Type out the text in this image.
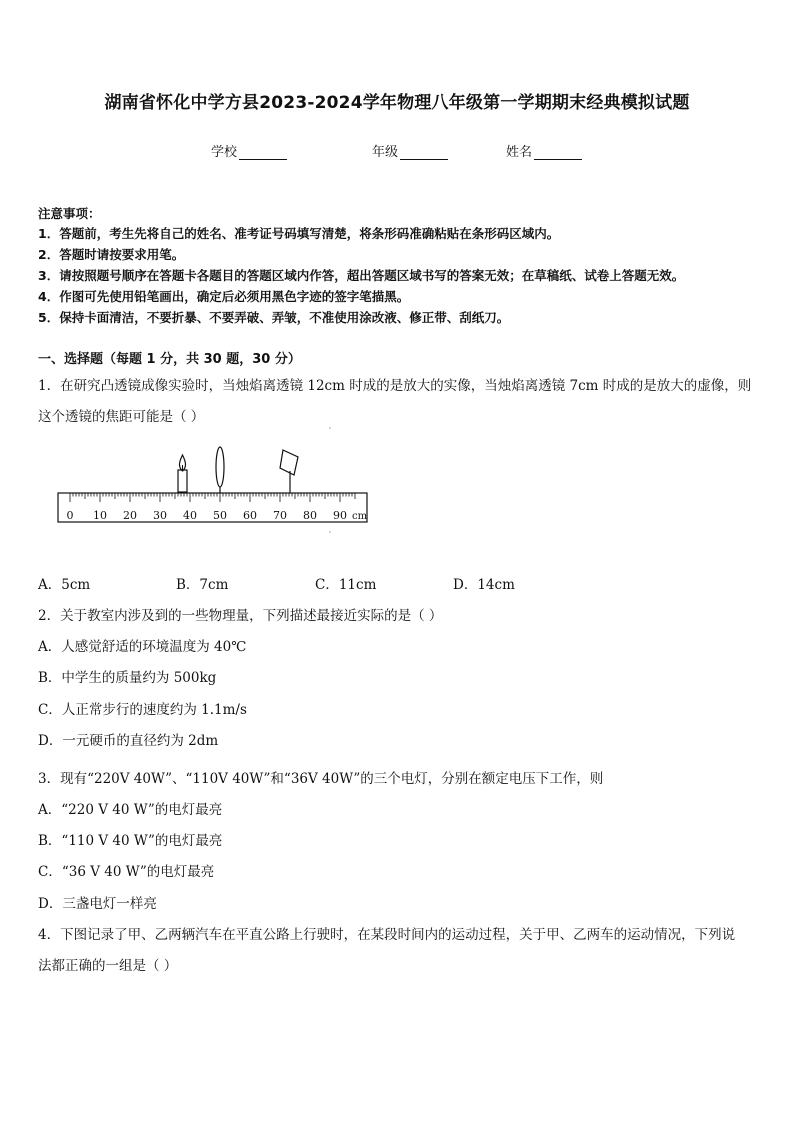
湖南省怀化中学方县2023-2024学年物理八年级第一学期期末经典模拟试题
学校	年级	姓名
注意事项：
1．答题前，考生先将自己的姓名、准考证号码填写清楚，将条形码准确粘贴在条形码区域内。
2．答题时请按要求用笔。
3．请按照题号顺序在答题卡各题目的答题区域内作答，超出答题区域书写的答案无效；在草稿纸、试卷上答题无效。
4．作图可先使用铅笔画出，确定后必须用黑色字迹的签字笔描黑。
5．保持卡面清洁，不要折暴、不要弄破、弄皱，不准使用涂改液、修正带、刮纸刀。
一、选择题（每题 1 分，共 30 题，30 分）
1．在研究凸透镜成像实验时，当烛焰离透镜 12cm 时成的是放大的实像，当烛焰离透镜 7cm 时成的是放大的虚像，则
这个透镜的焦距可能是（ ）
0 10 20 30 40 50 60 70 80 90 cm
A．5cm	B．7cm	C．11cm	D．14cm
2．关于教室内涉及到的一些物理量，下列描述最接近实际的是（ ）
A．人感觉舒适的环境温度为 40℃
B．中学生的质量约为 500kg
C．人正常步行的速度约为 1.1m/s
D．一元硬币的直径约为 2dm
3．现有“220V 40W”、“110V 40W”和“36V 40W”的三个电灯，分别在额定电压下工作，则
A．“220 V 40 W”的电灯最亮
B．“110 V 40 W”的电灯最亮
C．“36 V 40 W”的电灯最亮
D．三盏电灯一样亮
4．下图记录了甲、乙两辆汽车在平直公路上行驶时，在某段时间内的运动过程，关于甲、乙两车的运动情况，下列说
法都正确的一组是（ ）
